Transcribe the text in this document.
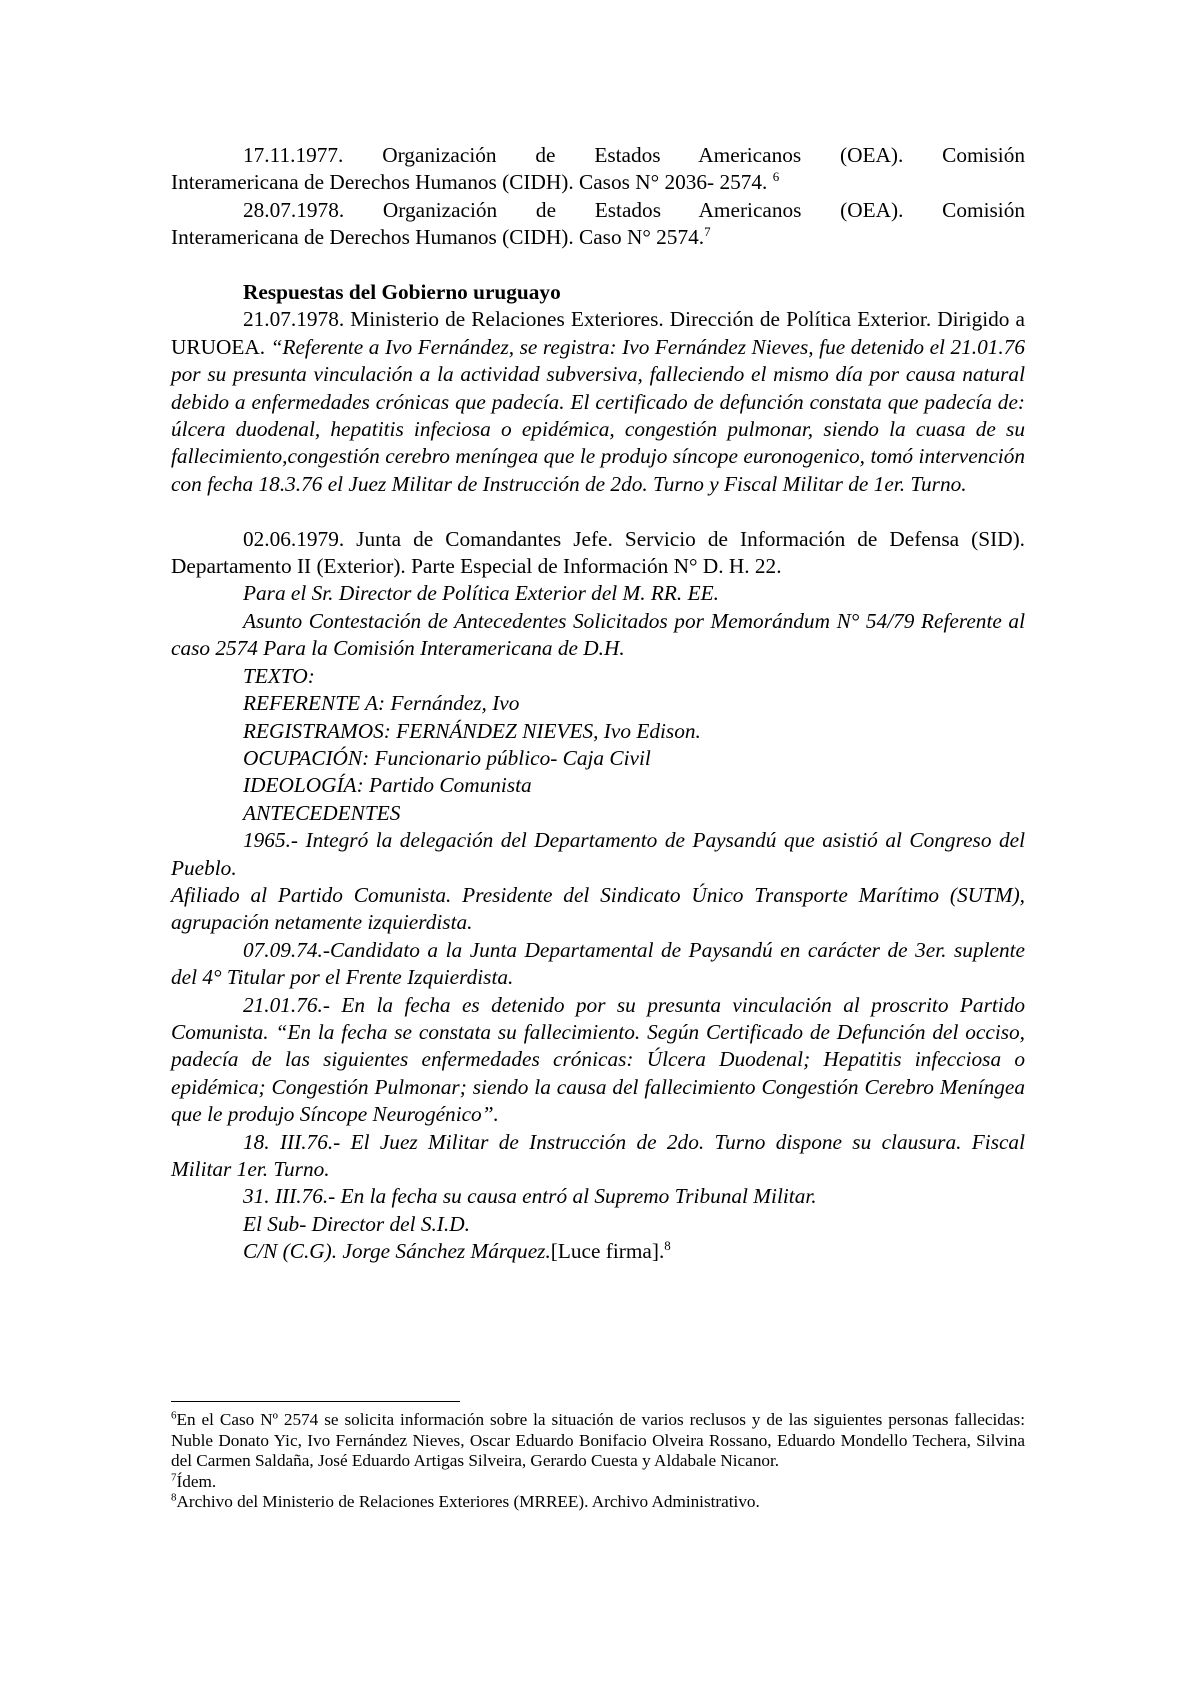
17.11.1977. Organización de Estados Americanos (OEA). Comisión

Interamericana de Derechos Humanos (CIDH). Casos N° 2036- 2574. $^6$

28.07.1978. Organización de Estados Americanos (OEA). Comisión

Interamericana de Derechos Humanos (CIDH). Caso N° 2574.$^7$

Respuestas del Gobierno uruguayo

21.07.1978. Ministerio de Relaciones Exteriores. Dirección de Política Exterior. Dirigido a URUOEA. “Referente a Ivo Fernández, se registra: Ivo Fernández Nieves, fue detenido el 21.01.76 por su presunta vinculación a la actividad subversiva, falleciendo el mismo día por causa natural debido a enfermedades crónicas que padecía. El certificado de defunción constata que padecía de: úlcera duodenal, hepatitis infeciosa o epidémica, congestión pulmonar, siendo la cuasa de su fallecimiento,congestión cerebro meníngea que le produjo síncope euronogenico, tomó intervención con fecha 18.3.76 el Juez Militar de Instrucción de 2do. Turno y Fiscal Militar de 1er. Turno.

02.06.1979. Junta de Comandantes Jefe. Servicio de Información de Defensa (SID). Departamento II (Exterior). Parte Especial de Información N° D. H. 22.

Para el Sr. Director de Política Exterior del M. RR. EE.

Asunto Contestación de Antecedentes Solicitados por Memorándum N° 54/79 Referente al caso 2574 Para la Comisión Interamericana de D.H.

TEXTO:

REFERENTE A: Fernández, Ivo

REGISTRAMOS: FERNÁNDEZ NIEVES, Ivo Edison.

OCUPACIÓN: Funcionario público- Caja Civil

IDEOLOGÍA: Partido Comunista

ANTECEDENTES

1965.- Integró la delegación del Departamento de Paysandú que asistió al Congreso del Pueblo.

Afiliado al Partido Comunista. Presidente del Sindicato Único Transporte Marítimo (SUTM), agrupación netamente izquierdista.

07.09.74.-Candidato a la Junta Departamental de Paysandú en carácter de 3er. suplente del 4° Titular por el Frente Izquierdista.

21.01.76.- En la fecha es detenido por su presunta vinculación al proscrito Partido Comunista. “En la fecha se constata su fallecimiento. Según Certificado de Defunción del occiso, padecía de las siguientes enfermedades crónicas: Úlcera Duodenal; Hepatitis infecciosa o epidémica; Congestión Pulmonar; siendo la causa del fallecimiento Congestión Cerebro Meníngea que le produjo Síncope Neurogénico”.

18. III.76.- El Juez Militar de Instrucción de 2do. Turno dispone su clausura. Fiscal Militar 1er. Turno.

31. III.76.- En la fecha su causa entró al Supremo Tribunal Militar.

El Sub- Director del S.I.D.

C/N (C.G). Jorge Sánchez Márquez.[Luce firma].$^8$

$^6$En el Caso Nº 2574 se solicita información sobre la situación de varios reclusos y de las siguientes personas fallecidas: Nuble Donato Yic, Ivo Fernández Nieves, Oscar Eduardo Bonifacio Olveira Rossano, Eduardo Mondello Techera, Silvina del Carmen Saldaña, José Eduardo Artigas Silveira, Gerardo Cuesta y Aldabale Nicanor.

$^7$Ídem.

$^8$Archivo del Ministerio de Relaciones Exteriores (MRREE). Archivo Administrativo.
